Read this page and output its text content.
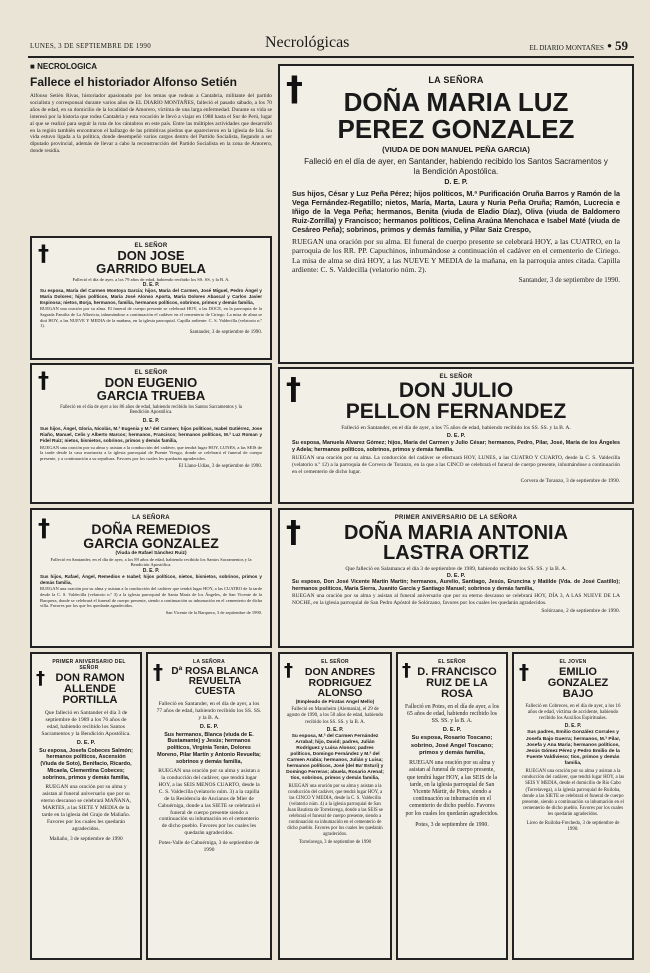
LUNES, 3 DE SEPTIEMBRE DE 1990	Necrológicas	EL DIARIO MONTAÑES • 59
■ NECROLOGICA
Fallece el historiador Alfonso Setién
Alfonso Setién Rivas, historiador apasionado por los temas que rodean a Cantabria, militante del partido socialista y corresponsal durante varios años de EL DIARIO MONTAÑES, falleció el pasado sábado, a los 70 años de edad, en su domicilio de la localidad de Amorero, víctima de una larga enfermedad. Durante su vida se interesó por la historia que rodea Cantabria y esta vocación le llevó a viajar en 1988 hasta el Sur de Perú, lugar al que se realizó para seguir la ruta de los cántabros en este país. Entre las múltiples actividades que desarrolló en la región también encontraron el hallazgo de las primitivas piedras que aparecieron en la iglesia de Isla. Su vida estuvo ligada a la política, donde desempeñó varios cargos dentro del Partido Socialista, llegando a ser diputado provincial, además de llevar a cabo la reconstrucción del Partido Socialista en la zona de Amorero, donde residía.
†	LA SEÑORA
DOÑA MARIA LUZ
PEREZ GONZALEZ
(VIUDA DE DON MANUEL PEÑA GARCIA)
Falleció en el día de ayer, en Santander, habiendo recibido los Santos Sacramentos y la Bendición Apostólica.
D. E. P.
Sus hijos, César y Luz Peña Pérez; hijos políticos, M.ª Purificación Oruña Barros y Ramón de la Vega Fernández-Regatillo; nietos, María, Marta, Laura y Nuria Peña Oruña; Ramón, Lucrecia e Iñigo de la Vega Peña; hermanos, Benita (viuda de Eladio Díaz), Oliva (viuda de Baldomero Ruiz-Zorrilla) y Francisco; hermanos políticos, Celina Araúna Menchaca e Isabel Maté (viuda de Cesáreo Peña); sobrinos, primos y demás familia, y Pilar Saiz Crespo,
RUEGAN una oración por su alma. El funeral de cuerpo presente se celebrará HOY, a las CUATRO, en la parroquia de los RR. PP. Capuchinos, inhumándose a continuación el cadáver en el cementerio de Ciriego. La misa de alma se dirá HOY, a las NUEVE Y MEDIA de la mañana, en la parroquia antes citada. Capilla ardiente: C. S. Valdecilla (velatorio núm. 2).
Santander, 3 de septiembre de 1990.
†	EL SEÑOR
DON JOSE
GARRIDO BUELA
Falleció el día de ayer, a los 79 años de edad, habiendo recibido los SS. SS. y la B. A.
D. E. P.
Su esposa, María del Carmen Montoya García; hijos, María del Carmen, José Miguel, Pedro Ángel y María Dolores; hijos políticos, María José Alonso Aporta, María Dolores Abascal y Carlos Javier Espinosa; nietos, Borja, hermanos, familia, hermanos políticos, sobrinos, primos y demás familia,
RUEGAN una oración por su alma. El funeral de cuerpo presente se celebrará HOY, a las DOCE, en la parroquia de la Sagrada Familia de La Albericia, inhumándose a continuación el cadáver en el cementerio de Ciriego. La misa de alma se dirá HOY, a las NUEVE Y MEDIA de la mañana, en la iglesia parroquial. Capilla ardiente: C. S. Valdecilla (velatorio n.º 1).
Santander, 3 de septiembre de 1990.
†	EL SEÑOR
DON EUGENIO
GARCIA TRUEBA
Falleció en el día de ayer a los 86 años de edad, habiendo recibido los Santos Sacramentos y la Bendición Apostólica.
D. E. P.
Sus hijos, Ángel, Gloria, Nicolás, M.ª Eugenia y M.ª del Carmen; hijos políticos, Isabel Gutiérrez, Jose Riaño, Manuel, Celis y Alberto Marcos; hermanos, Francisco; hermanos políticos, M.ª Luz Roman y Fidel Ruiz; nietos, bisnietos, sobrinos, primos y demás familia,
RUEGAN una oración por su alma y asistan a la conducción del cadáver, que tendrá lugar HOY, LUNES, a las SEIS de la tarde desde la casa mortuoria a la iglesia parroquial de Puente Viesgo, donde se celebrará el funeral de cuerpo presente, y a continuación a su sepultura. Favores por los cuales les quedarán agradecidos.
El Llano-Udías, 3 de septiembre de 1990.
†	EL SEÑOR
DON JULIO
PELLON FERNANDEZ
Falleció en Santander, en el día de ayer, a los 75 años de edad, habiendo recibido los SS. SS. y la B. A.
D. E. P.
Su esposa, Manuela Alvarez Gómez; hijos, María del Carmen y Julio César; hermanos, Pedro, Pilar, José, María de los Ángeles y Adela; hermanos políticos, sobrinos, primos y demás familia.
RUEGAN una oración por su alma. La conducción del cadáver se efectuará HOY, LUNES, a las CUATRO Y CUARTO, desde la C. S. Valdecilla (velatorio n.º 12) a la parroquia de Corvera de Toranzo, en la que a las CINCO se celebrará el funeral de cuerpo presente, inhumándose a continuación en el cementerio de dicho lugar.
Corvera de Toranzo, 3 de septiembre de 1990.
†	LA SEÑORA
DOÑA REMEDIOS
GARCIA GONZALEZ
(Viuda de Rafael Sánchez Ruiz)
Falleció en Santander, en el día de ayer, a los 89 años de edad, habiendo recibido los Santos Sacramentos y la Bendición Apostólica.
D. E. P.
Sus hijos, Rafael, Ángel, Remedios e Isabel; hijos políticos, nietos, bisnietos, sobrinos, primos y demás familia,
RUEGAN una oración por su alma y asistan a la conducción del cadáver que tendrá lugar HOY, a las CUATRO de la tarde desde la C. S. Valdecilla (velatorio n.º 3) a la iglesia parroquial de Santa María de los Ángeles, de San Vicente de la Barquera, donde se celebrará el funeral de cuerpo presente, siendo a continuación su inhumación en el cementerio de dicha villa. Favores por los que les quedarán agradecidos.
San Vicente de la Barquera, 3 de septiembre de 1990.
†	PRIMER ANIVERSARIO DE LA SEÑORA
DOÑA MARIA ANTONIA
LASTRA ORTIZ
Que falleció en Salamanca el día 3 de septiembre de 1989, habiendo recibido los SS. SS. y la B. A.
D. E. P.
Su esposo, Don José Vicente Martín Martín; hermanos, Aurelio, Santiago, Jesús, Eruncina y Matilde (Vda. de José Castillo); hermanos políticos, María Sierra, Juanito García y Santiago Manuel; sobrinos y demás familia,
RUEGAN una oración por su alma y asistan al funeral aniversario que por su eterno descanso se celebrará HOY, DÍA 3, A LAS NUEVE DE LA NOCHE, en la iglesia parroquial de San Pedro Apóstol de Solórzano, favores por los cuales les quedarán agradecidos.
Solórzano, 2 de septiembre de 1990.
†
PRIMER ANIVERSARIO DEL SEÑOR
DON RAMON ALLENDE PORTILLA
Que falleció en Santander el día 3 de septiembre de 1989 a los 76 años de edad, habiendo recibido los Santos Sacramentos y la Bendición Apostólica.
D. E. P.
Su esposa, Josefa Cobeces Salmón; hermanos políticos, Ascensión (Viuda de Soto), Benifacio, Ricardo, Micaela, Clementina Cobeces; sobrinos, primos y demás familia,
RUEGAN una oración por su alma y asistan al funeral aniversario que por su eterno descanso se celebrará MAÑANA, MARTES, a las SIETE Y MEDIA de la tarde en la iglesia del Grajo de Maliaño. Favores por los cuales les quedarán agradecidos.
Maliaño, 3 de septiembre de 1990
†	LA SEÑORA
Dª ROSA BLANCA REVUELTA CUESTA
Falleció en Santander, en el día de ayer, a los 77 años de edad, habiendo recibido los SS. SS. y la B. A.
D. E. P.
Sus hermanos, Blanca (viuda de E. Bustamante) y Jesús; hermanos políticos, Virginia Terán, Dolores Moreno, Pilar Martín y Antonio Revuelta; sobrinos y demás familia,
RUEGAN una oración por su alma y asistan a la conducción del cadáver, que tendrá lugar HOY, a las SEIS MENOS CUARTO, desde la C. S. Valdecilla (velatorio núm. 3) a la capilla de la Residencia de Ancianos de Mier de Cabuérniga, donde a las SIETE se celebrará el funeral de cuerpo presente siendo a continuación su inhumación en el cementerio de dicho pueblo. Favores por los cuales les quedarán agradecidos.
Potes-Valle de Cabuérniga, 3 de septiembre de 1990
†	EL SEÑOR
DON ANDRES RODRIGUEZ ALONSO
(Empleado de Piratas Angel Mello)
Falleció en Mannheim (Alemania), el 29 de agosto de 1990, a los 50 años de edad, habiendo recibido los SS. SS. y la B. A.
D. E. P.
Su esposa, M.ª del Carmen Fernández Arrabal; hijo, David; padres, Julián Rodríguez y Luisa Alonso; padres políticos, Domingo Fernández y M.ª del Carmen Arabia; hermanos, Julián y Luisa; hermanos políticos, José (del Ba' Esturi) y Domingo Ferreras; abuela, Rosario Arenal; tíos, sobrinos, primos y demás familia,
RUEGAN una oración por su alma y asistan a la conducción del cadáver, que tendrá lugar HOY, a las CINCO Y MEDIA, desde la C. S. Valdecilla (velatorio núm. 4) a la iglesia parroquial de San Juan Bautista de Torrelavega, donde a las SEIS se celebrará el funeral de cuerpo presente, siendo a continuación su inhumación en el cementerio de dicho pueblo. Favores por los cuales les quedarán agradecidos.
Torrelavega, 3 de septiembre de 1990
†	EL SEÑOR
D. FRANCISCO RUIZ DE LA ROSA
Falleció en Potes, en el día de ayer, a los 65 años de edad, habiendo recibido los SS. SS. y la B. A.
D. E. P.
Su esposa, Rosario Toscano; sobrino, José Angel Toscano; primos y demás familia,
RUEGAN una oración por su alma y asistan al funeral de cuerpo presente, que tendrá lugar HOY, a las SEIS de la tarde, en la iglesia parroquial de San Vicente Mártir, de Potes, siendo a continuación su inhumación en el cementerio de dicho pueblo. Favores por los cuales les quedarán agradecidos.
Potes, 3 de septiembre de 1990.
†	EL JOVEN
EMILIO GONZALEZ BAJO
Falleció en Cobreces, en el día de ayer, a los 16 años de edad, víctima de accidente, habiendo recibido los Auxilios Espirituales.
D. E. P.
Sus padres, Emilio González Corrales y Josefa Bajo Guerra; hermanos, M.ª Pilar, Josefa y Ana María; hermanos políticos, Jesús Gómez Pérez y Pedro Emilio de la Fuente Valdivieso; tíos, primos y demás familia,
RUEGAN una oración por su alma y asistan a la conducción del cadáver, que tendrá lugar HOY, a las SEIS Y MEDIA, desde el domicilio de Río Cabo (Torrelavega), a la iglesia parroquial de Ruiloba, donde a las SIETE se celebrará el funeral de cuerpo presente, siendo a continuación su inhumación en el cementerio de dicho pueblo. Favores por los cuales les quedarán agradecidos.
Liceo de Ruiloba-Frechedo, 3 de septiembre de 1990.
